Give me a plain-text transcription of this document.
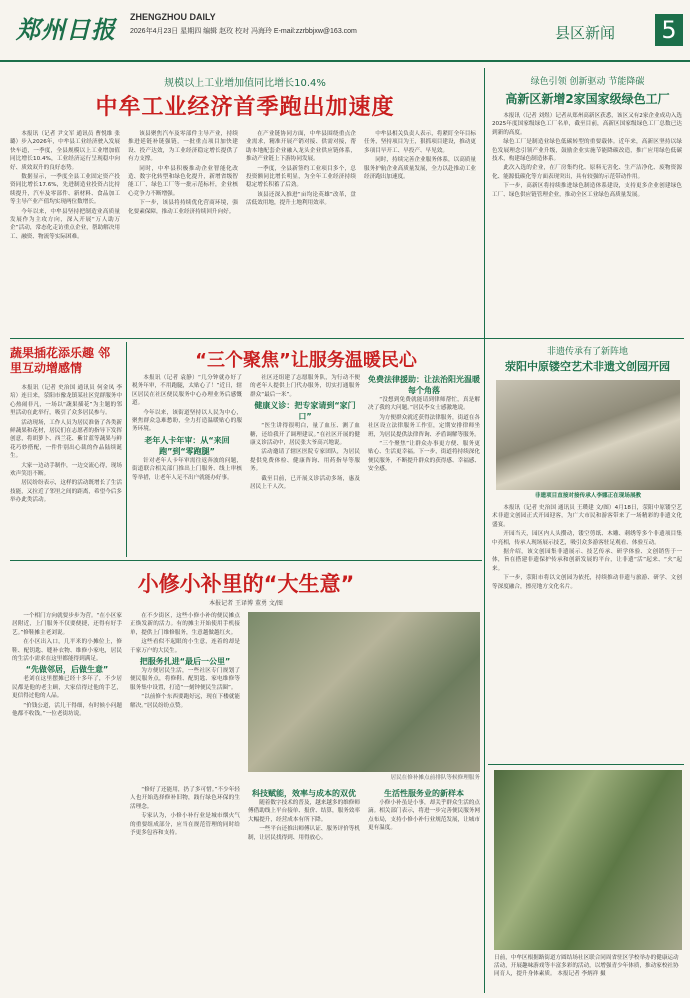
郑州日报 ZHENGZHOU DAILY
2026年4月23日 星期四 编辑 赵玫 校对 冯海玲 E-mail:zzrbbjxw@163.com	县区新闻 5
规模以上工业增加值同比增长10.4%
中牟工业经济首季跑出加速度

本报讯（记者 尹文军 通讯员 曹悦维 张璐）步入2026年，中牟县工业经济驶入发展快车道，一季度，全县规模以上工业增加值同比增长10.4%，工业经济运行呈现稳中向好、质效双升的良好态势。

数据显示，一季度全县工业固定资产投资同比增长17.6%，先进制造业投资占比持续提升，汽车及零部件、新材料、食品加工等主导产业产值均实现两位数增长。

今年以来，中牟县坚持把制造业高质量发展作为主攻方向，深入开展“万人助万企”活动，常态化走访重点企业，帮助解决用工、融资、物流等实际困难。

该县聚焦汽车及零部件主导产业，持续推进延链补链强链，一批重点项目加快建设、投产达效，为工业经济稳定增长提供了有力支撑。

同时，中牟县积极推动企业智能化改造、数字化转型和绿色化提升，新增省级智能工厂、绿色工厂等一批示范标杆，企业核心竞争力不断增强。

下一步，该县将持续优化营商环境，强化要素保障，推动工业经济持续回升向好。

在产业链协同方面，中牟县围绕重点企业需求，精准开展产销对接、供需对接，帮助本地配套企业融入龙头企业供应链体系，推动产业链上下游协同发展。

一季度，全县新签约工业项目多个，总投资额同比增长明显，为全年工业经济持续稳定增长积蓄了后劲。

该县还深入推进“亩均论英雄”改革，盘活低效用地，提升土地利用效率。

中牟县相关负责人表示，将紧盯全年目标任务，坚持项目为王，狠抓项目建设，推动更多项目早开工、早投产、早见效。

同时，持续完善企业服务体系，以高质量服务护航企业高质量发展，全力以赴推动工业经济跑出加速度。

绿色引领 创新驱动 节能降碳
高新区新增2家国家级绿色工厂

本报讯（记者 刘煜）记者从郑州高新区获悉，该区又有2家企业成功入选2025年度国家级绿色工厂名单，截至目前，高新区国家级绿色工厂总数已达到新的高度。

绿色工厂是制造业绿色低碳转型的重要载体。近年来，高新区坚持以绿色发展理念引领产业升级，鼓励企业实施节能降碳改造，推广应用绿色低碳技术，构建绿色制造体系。

此次入选的企业，在厂房集约化、原料无害化、生产洁净化、废物资源化、能源低碳化等方面表现突出，具有较强的示范带动作用。

下一步，高新区将持续推进绿色制造体系建设，支持更多企业创建绿色工厂、绿色供应链管理企业，推动全区工业绿色高质量发展。

蔬果插花添乐趣 邻里互动增感情

本报讯（记者 史治国 通讯员 何金凤 李培）连日来，荥阳市豫龙镇某社区党群服务中心热闹非凡，一场以“蔬果插花”为主题的邻里活动在此举行，吸引了众多居民参与。

活动现场，工作人员为居民准备了各类新鲜蔬果和花材，居民们在志愿者的指导下发挥创意，将胡萝卜、西兰花、紫甘蓝等蔬果与鲜花巧妙搭配，一件件别出心裁的作品陆续诞生。

大家一边动手制作，一边交流心得，现场欢声笑语不断。

居民纷纷表示，这样的活动既增长了生活技能，又拉近了邻里之间的距离，希望今后多举办此类活动。

“三个聚焦”让服务温暖民心

本报讯（记者 袁静）“几分钟就办好了税务年审，不用跑腿，太贴心了！”近日，辖区居民在社区便民服务中心办理业务后感慨道。

今年以来，该街道坚持以人民为中心，聚焦群众急难愁盼，全力打造温暖贴心的服务环境。

老年人卡年审：从“来回跑”到“零跑腿”

针对老年人卡年审需往返奔波的问题，街道联合相关部门推出上门服务、线上审核等举措，让老年人足不出户就能办好事。

社区还组建了志愿服务队，为行动不便的老年人提供上门代办服务，切实打通服务群众“最后一米”。

健康义诊：把专家请到“家门口”

“医生讲得很明白，量了血压、测了血糖，还给我开了调理建议。”在社区开展的健康义诊活动中，居民张大爷高兴地说。

活动邀请了辖区医院专家团队，为居民提供免费体检、健康咨询、用药指导等服务。

截至目前，已开展义诊活动多场，惠及居民上千人次。

免费法律援助：让法治阳光温暖每个角落

“没想到免费就能请到律师帮忙，真是解决了我的大问题。”居民李女士感激地说。

为方便群众就近获得法律服务，街道在各社区设立法律服务工作室，定期安排律师坐班，为居民提供法律咨询、矛盾调解等服务。

“三个聚焦”让群众办事更方便、服务更贴心、生活更幸福。下一步，街道将持续深化便民服务，不断提升群众的获得感、幸福感、安全感。

非遗传承有了新阵地
荥阳中原镂空艺术非遗文创园开园
非遗项目直接对接传承人李娜正在现场展教

本报讯（记者 史治国 通讯员 王瓒建 文/图）4月18日，荥阳中原镂空艺术非遗文创园正式开园迎客，为广大市民和游客带来了一场精彩的非遗文化盛宴。

开园当天，园区内人头攒动，镂空剪纸、木雕、刺绣等多个非遗项目集中亮相，传承人现场展示技艺，吸引众多游客驻足观看、体验互动。

据介绍，该文创园集非遗展示、技艺传承、研学体验、文创销售于一体，旨在搭建非遗保护传承和创新发展的平台，让非遗“活”起来、“火”起来。

下一步，荥阳市将以文创园为依托，持续推动非遗与旅游、研学、文创等深度融合，擦亮地方文化名片。

小修小补里的“大生意”
本报记者 王译博 董勇 文/图

一个相门方向就要步步为营。“在小区家居附近，上门服务不仅要便捷，还得有好手艺。”修鞋摊主老刘说。

在小区出入口，几平米的小摊位上，修鞋、配钥匙、缝补衣物、维修小家电，居民的生活小需求在这里都能得到满足。

“先做邻居，后做生意”

老刘在这里摆摊已经十多年了，不少居民都是他的老主顾，大家信得过他的手艺，更信得过他的人品。

“价钱公道，活儿干得细，有时候小问题他都不收钱。”一位老街坊说。

在不少街区，这些小修小补的便民摊点正焕发新的活力。有的摊主开始使用手机接单，提供上门维修服务，生意越做越红火。

这些看似不起眼的小生意，连着的却是千家万户的大民生。

把服务扎进“最后一公里”

为方便居民生活，一些社区专门规划了便民服务点，将修鞋、配钥匙、家电维修等服务集中设置，打造“一刻钟便民生活圈”。

“以前修个东西要跑好远，现在下楼就能解决。”居民纷纷点赞。

居民在修补摊点前排队等候修理服务

“修好了还能用，扔了多可惜。”不少年轻人也开始选择修补旧物，践行绿色环保的生活理念。

专家认为，小修小补行业是城市烟火气的重要组成部分，应当在规范管理的同时给予更多包容和支持。

科技赋能，效率与成本的双优

随着数字技术的普及，越来越多的维修师傅借助线上平台接单、报价、结算，服务效率大幅提升，经营成本有所下降。

一些平台还推出师傅认证、服务评价等机制，让居民找得到、用得放心。

生活性服务业的新样本

小修小补虽是小事，却关乎群众生活的点滴。相关部门表示，将进一步完善便民服务网点布局，支持小修小补行业规范发展，让城市更有温度。

日前，中牟区根据路街道方圆结场社区联合同周省驻区学校举办的健康运动活动，开展趣味游戏等丰富多彩的活动，以增强青少年体质，推动家校社协同育人，提升身体素质。 本报记者 李炳祥 摄
